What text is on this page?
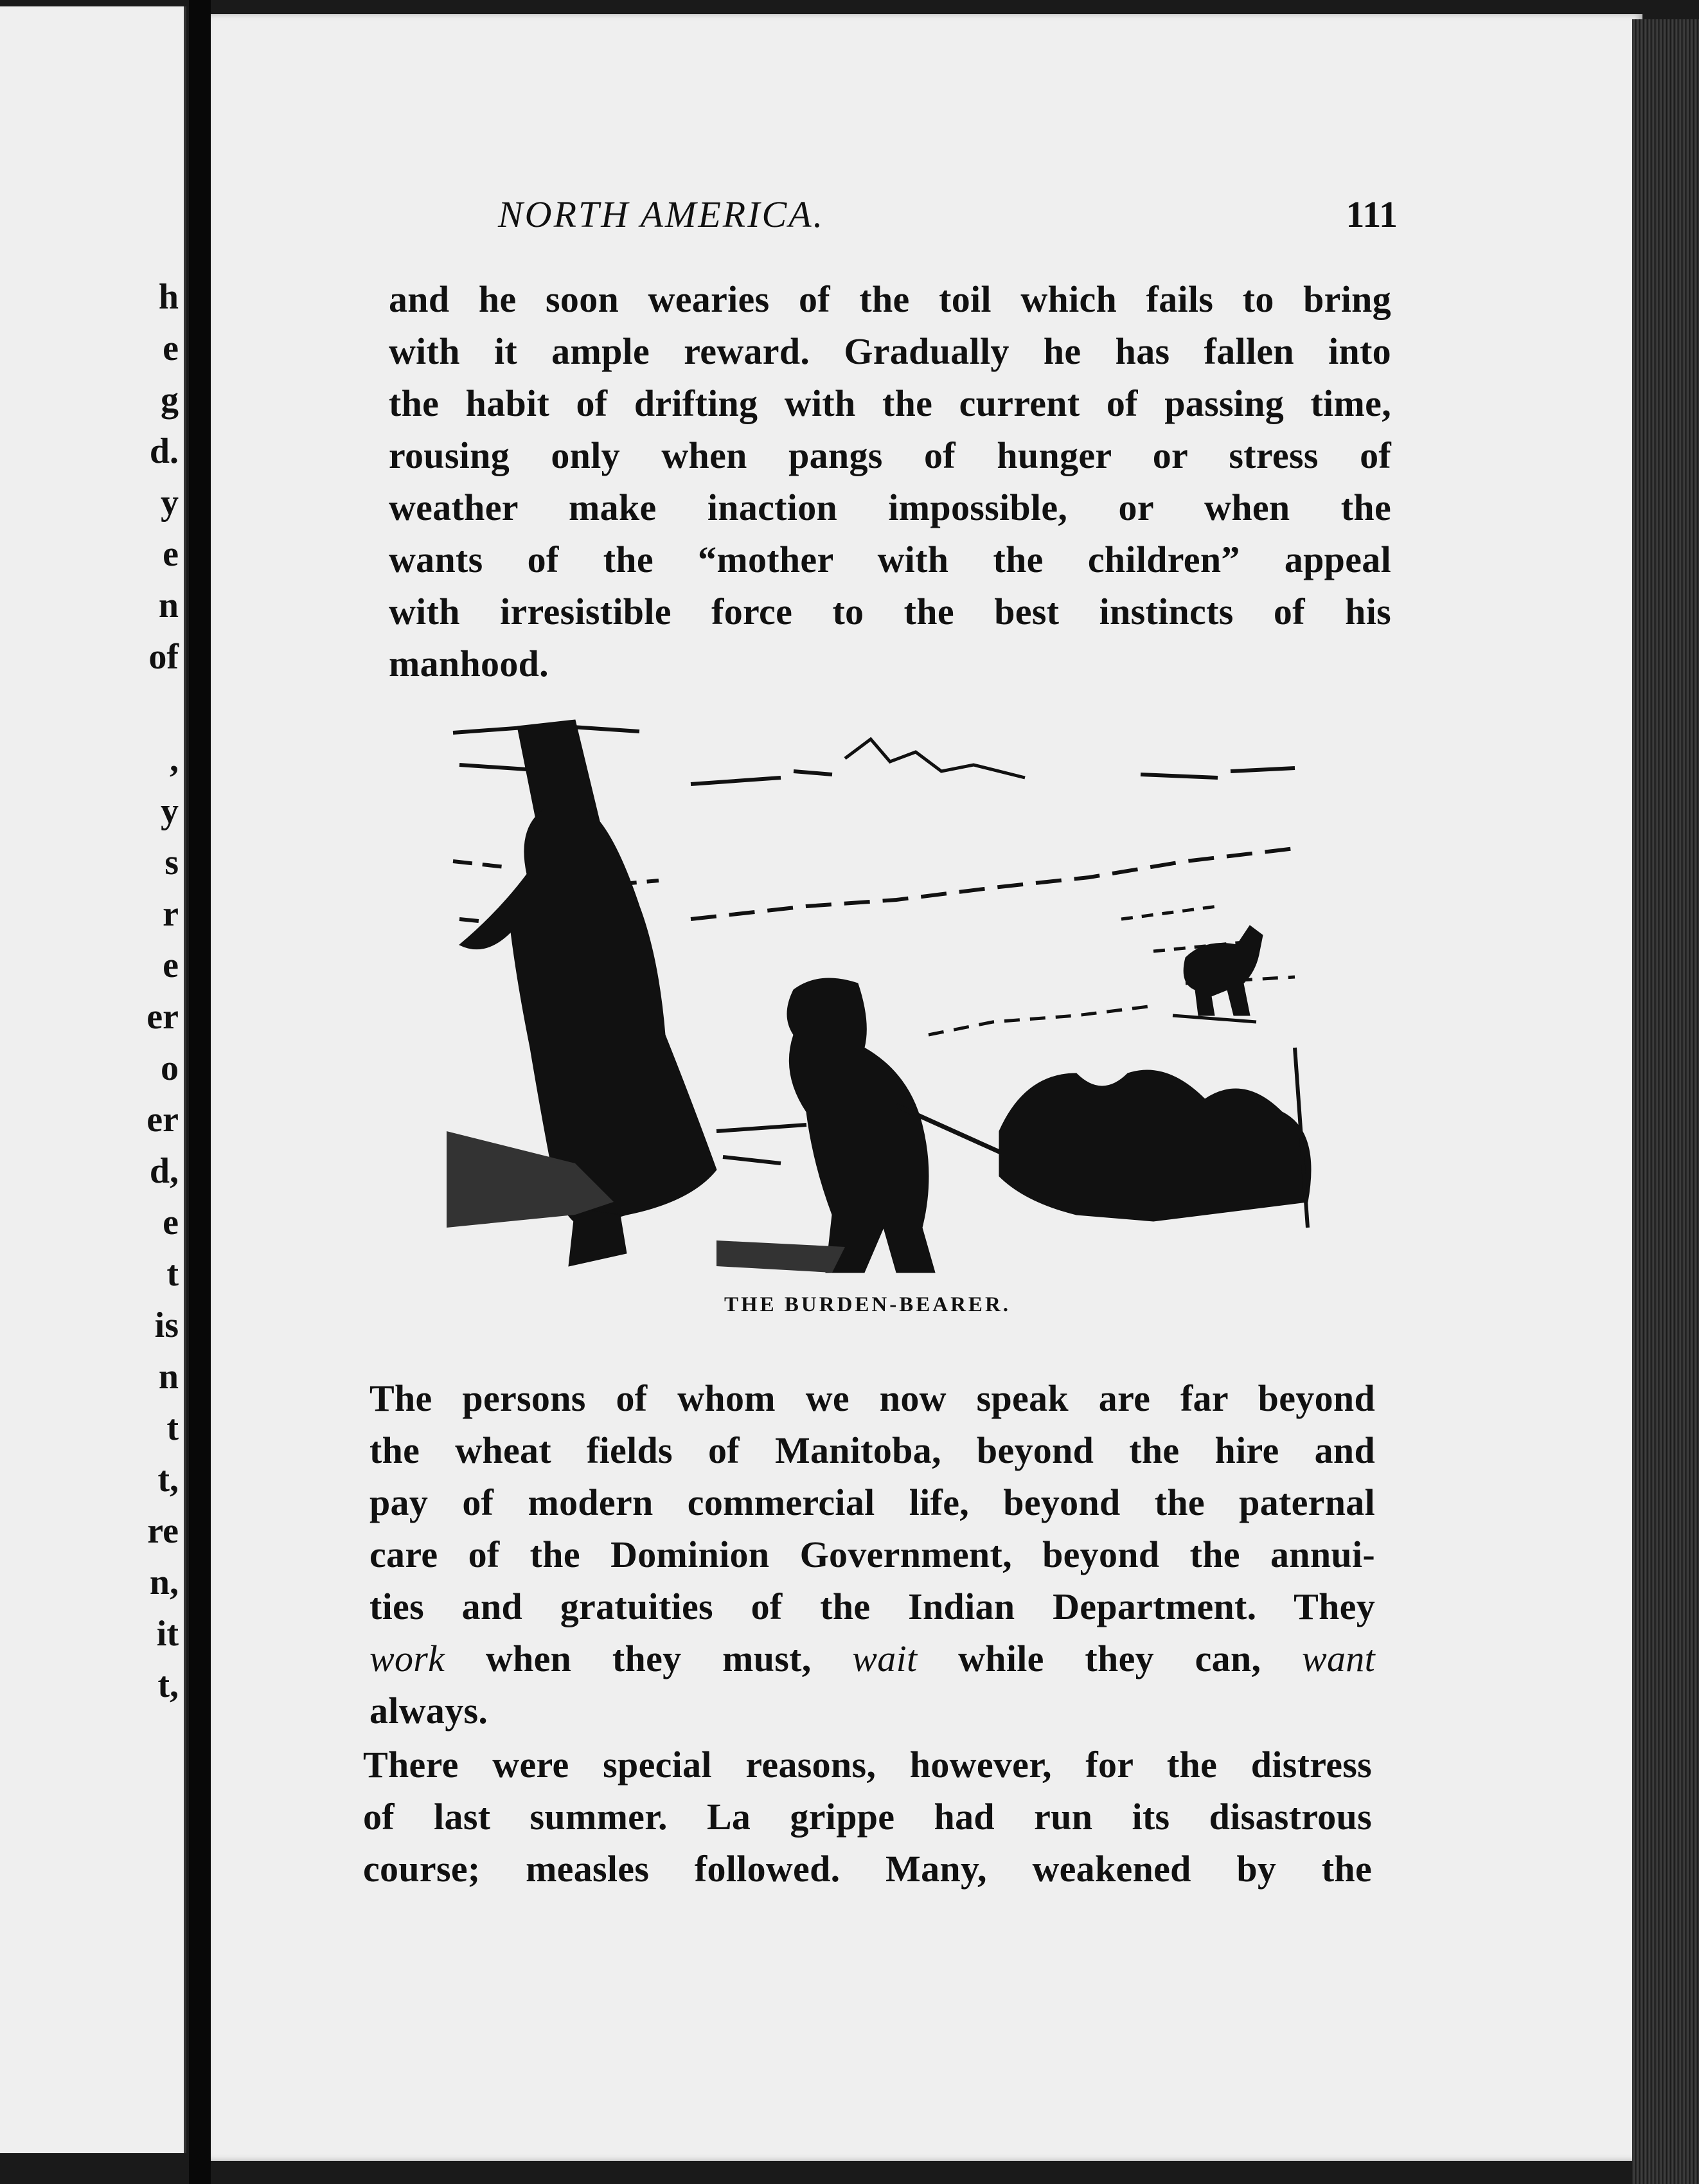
h
e
g
d.
y
e
n
of
,
y
s
r
e
er
o
er
d,
e
t
is
n
t
t,
re
n,
it
t,
NORTH AMERICA.	111
and he soon wearies of the toil which fails to bring
with it ample reward. Gradually he has fallen into
the habit of drifting with the current of passing time,
rousing only when pangs of hunger or stress of
weather make inaction impossible, or when the
wants of the “mother with the children” appeal
with irresistible force to the best instincts of his
manhood.
THE BURDEN-BEARER.
The persons of whom we now speak are far beyond
the wheat fields of Manitoba, beyond the hire and
pay of modern commercial life, beyond the paternal
care of the Dominion Government, beyond the annui-
ties and gratuities of the Indian Department. They
work when they must, wait while they can, want
always.
There were special reasons, however, for the distress
of last summer. La grippe had run its disastrous
course; measles followed. Many, weakened by the
